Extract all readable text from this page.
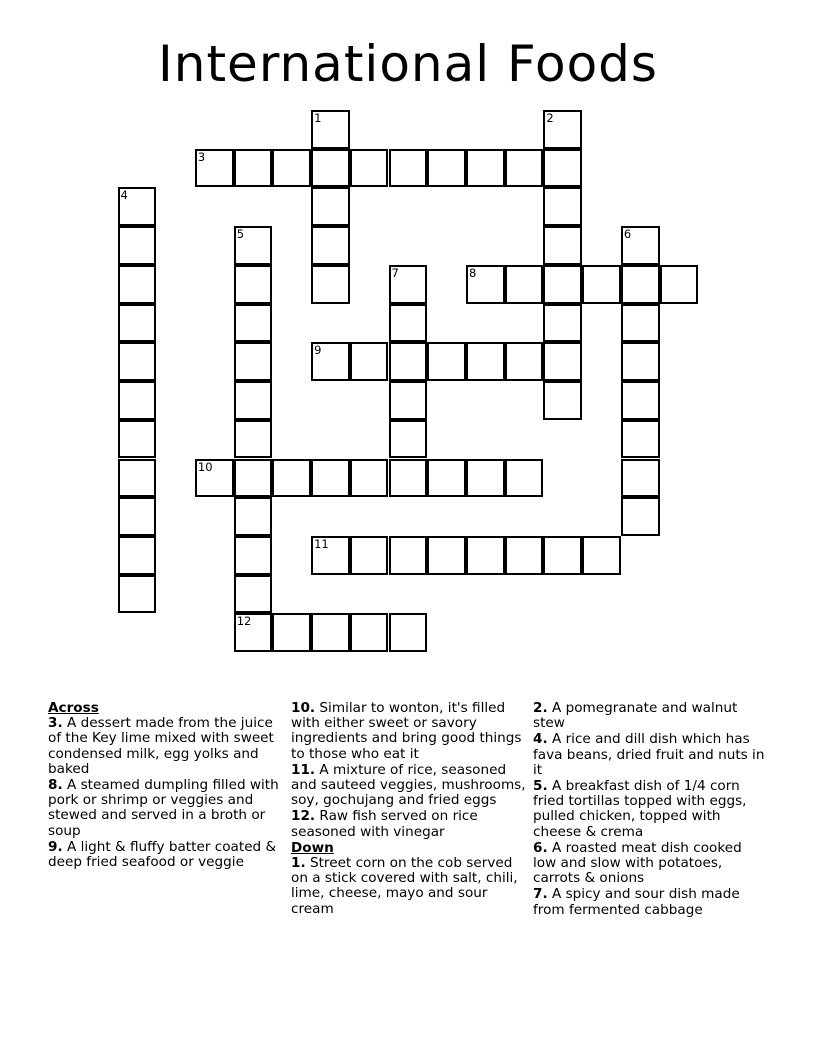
International Foods
1	2
3
4
5	6
7	8
9
10
11
12
Across

3. A dessert made from the juice of the Key lime mixed with sweet condensed milk, egg yolks and baked

8. A steamed dumpling filled with pork or shrimp or veggies and stewed and served in a broth or soup

9. A light & fluffy batter coated & deep fried seafood or veggie

10. Similar to wonton, it's filled with either sweet or savory ingredients and bring good things to those who eat it

11. A mixture of rice, seasoned and sauteed veggies, mushrooms, soy, gochujang and fried eggs

12. Raw fish served on rice seasoned with vinegar

Down

1. Street corn on the cob served on a stick covered with salt, chili, lime, cheese, mayo and sour cream

2. A pomegranate and walnut stew

4. A rice and dill dish which has fava beans, dried fruit and nuts in it

5. A breakfast dish of 1/4 corn fried tortillas topped with eggs, pulled chicken, topped with cheese & crema

6. A roasted meat dish cooked low and slow with potatoes, carrots & onions

7. A spicy and sour dish made from fermented cabbage
